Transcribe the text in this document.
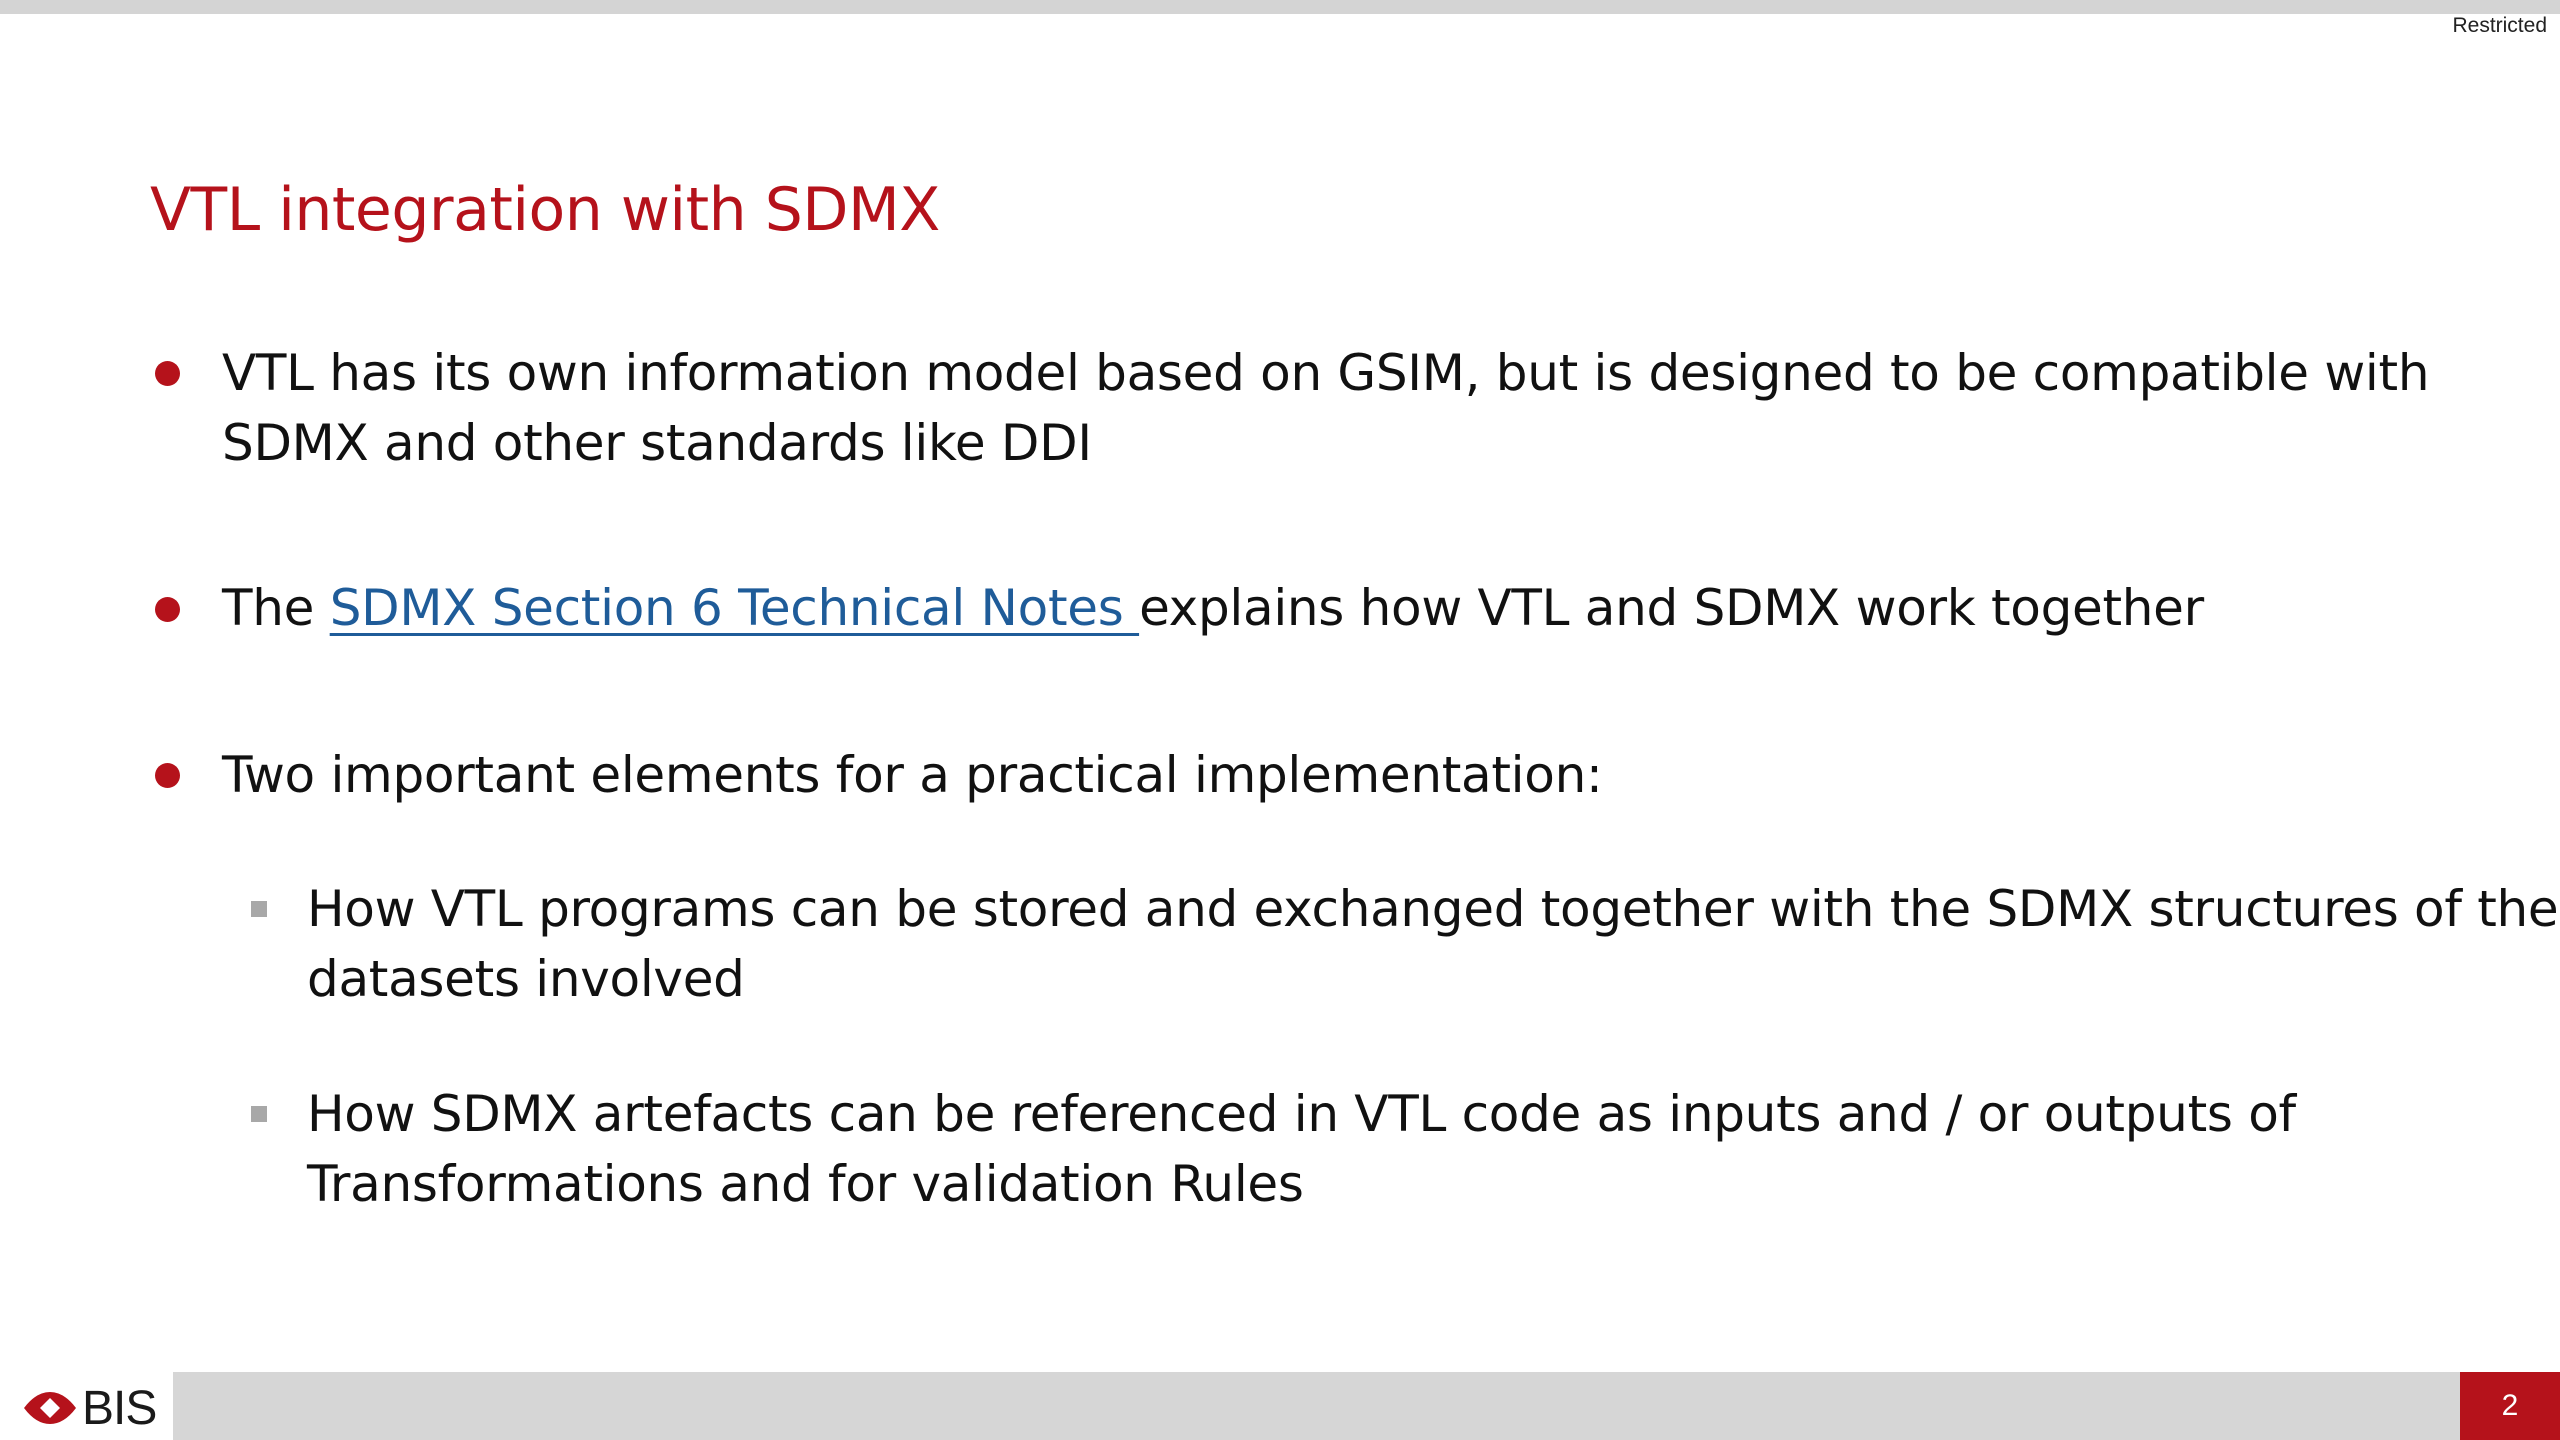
Restricted
VTL integration with SDMX
VTL has its own information model based on GSIM, but is designed to be compatible with
SDMX and other standards like DDI
The SDMX Section 6 Technical Notes explains how VTL and SDMX work together
Two important elements for a practical implementation:
How VTL programs can be stored and exchanged together with the SDMX structures of the
datasets involved
How SDMX artefacts can be referenced in VTL code as inputs and / or outputs of
Transformations and for validation Rules
BIS	2
